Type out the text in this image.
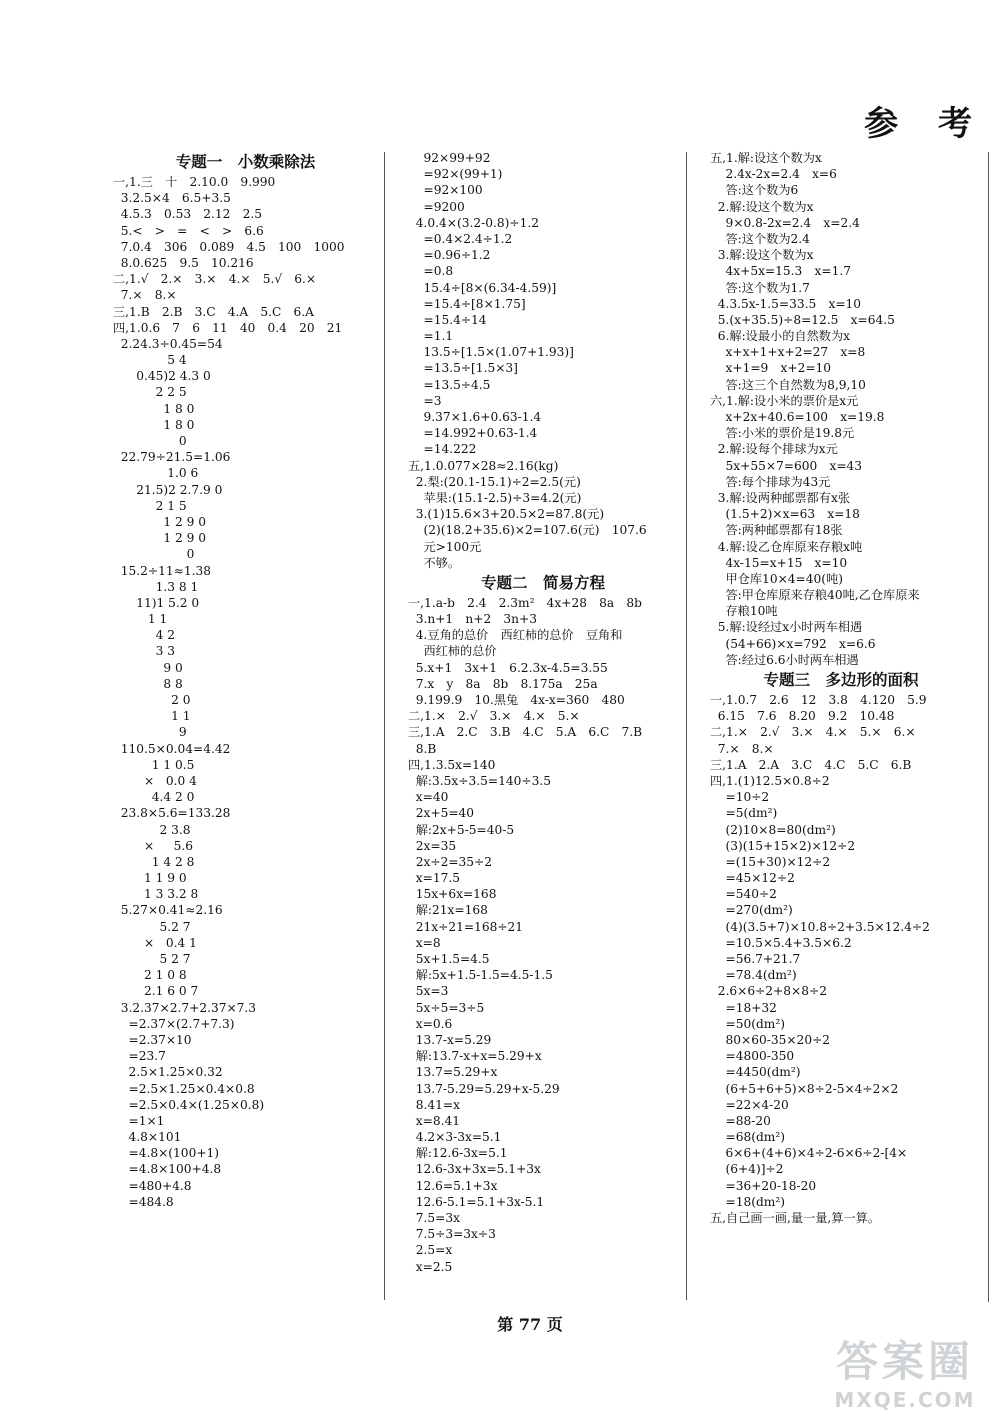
参 考
专题一　小数乘除法
一,1.三　十　2.10.0　9.990
3.2.5×4　6.5+3.5
4.5.3　0.53　2.12　2.5
5.<　>　=　<　>　6.6
7.0.4　306　0.089　4.5　100　1000
8.0.625　9.5　10.216
二,1.√　2.×　3.×　4.×　5.√　6.×
7.×　8.×
三,1.B　2.B　3.C　4.A　5.C　6.A
四,1.0.6　7　6　11　40　0.4　20　21
2.24.3÷0.45=54
5 4
0.45)2 4.3 0
2 2 5
1 8 0
1 8 0
0
22.79÷21.5=1.06
1.0 6
21.5)2 2.7.9 0
2 1 5
1 2 9 0
1 2 9 0
0
15.2÷11≈1.38
1.3 8 1
11)1 5.2 0
1 1
4 2
3 3
9 0
8 8
2 0
1 1
9
110.5×0.04=4.42
1 1 0.5
×   0.0 4
4.4 2 0
23.8×5.6=133.28
2 3.8
×     5.6
1 4 2 8
1 1 9 0
1 3 3.2 8
5.27×0.41≈2.16
5.2 7
×   0.4 1
5 2 7
2 1 0 8
2.1 6 0 7
3.2.37×2.7+2.37×7.3
=2.37×(2.7+7.3)
=2.37×10
=23.7
2.5×1.25×0.32
=2.5×1.25×0.4×0.8
=2.5×0.4×(1.25×0.8)
=1×1
4.8×101
=4.8×(100+1)
=4.8×100+4.8
=480+4.8
=484.8
92×99+92
=92×(99+1)
=92×100
=9200
4.0.4×(3.2-0.8)÷1.2
=0.4×2.4÷1.2
=0.96÷1.2
=0.8
15.4÷[8×(6.34-4.59)]
=15.4÷[8×1.75]
=15.4÷14
=1.1
13.5÷[1.5×(1.07+1.93)]
=13.5÷[1.5×3]
=13.5÷4.5
=3
9.37×1.6+0.63-1.4
=14.992+0.63-1.4
=14.222
五,1.0.077×28≈2.16(kg)
2.梨:(20.1-15.1)÷2=2.5(元)
苹果:(15.1-2.5)÷3=4.2(元)
3.(1)15.6×3+20.5×2=87.8(元)
(2)(18.2+35.6)×2=107.6(元)　107.6
元>100元
不够。
专题二　简易方程
一,1.a-b　2.4　2.3m²　4x+28　8a　8b
3.n+1　n+2　3n+3
4.豆角的总价　西红柿的总价　豆角和
西红柿的总价
5.x+1　3x+1　6.2.3x-4.5=3.55
7.x　y　8a　8b　8.175a　25a
9.199.9　10.黑兔　4x-x=360　480
二,1.×　2.√　3.×　4.×　5.×
三,1.A　2.C　3.B　4.C　5.A　6.C　7.B
8.B
四,1.3.5x=140
解:3.5x÷3.5=140÷3.5
x=40
2x+5=40
解:2x+5-5=40-5
2x=35
2x÷2=35÷2
x=17.5
15x+6x=168
解:21x=168
21x÷21=168÷21
x=8
5x+1.5=4.5
解:5x+1.5-1.5=4.5-1.5
5x=3
5x÷5=3÷5
x=0.6
13.7-x=5.29
解:13.7-x+x=5.29+x
13.7=5.29+x
13.7-5.29=5.29+x-5.29
8.41=x
x=8.41
4.2×3-3x=5.1
解:12.6-3x=5.1
12.6-3x+3x=5.1+3x
12.6=5.1+3x
12.6-5.1=5.1+3x-5.1
7.5=3x
7.5÷3=3x÷3
2.5=x
x=2.5
五,1.解:设这个数为x
2.4x-2x=2.4　x=6
答:这个数为6
2.解:设这个数为x
9×0.8-2x=2.4　x=2.4
答:这个数为2.4
3.解:设这个数为x
4x+5x=15.3　x=1.7
答:这个数为1.7
4.3.5x-1.5=33.5　x=10
5.(x+35.5)÷8=12.5　x=64.5
6.解:设最小的自然数为x
x+x+1+x+2=27　x=8
x+1=9　x+2=10
答:这三个自然数为8,9,10
六,1.解:设小米的票价是x元
x+2x+40.6=100　x=19.8
答:小米的票价是19.8元
2.解:设每个排球为x元
5x+55×7=600　x=43
答:每个排球为43元
3.解:设两种邮票都有x张
(1.5+2)×x=63　x=18
答:两种邮票都有18张
4.解:设乙仓库原来存粮x吨
4x-15=x+15　x=10
甲仓库10×4=40(吨)
答:甲仓库原来存粮40吨,乙仓库原来
存粮10吨
5.解:设经过x小时两车相遇
(54+66)×x=792　x=6.6
答:经过6.6小时两车相遇
专题三　多边形的面积
一,1.0.7　2.6　12　3.8　4.120　5.9
6.15　7.6　8.20　9.2　10.48
二,1.×　2.√　3.×　4.×　5.×　6.×
7.×　8.×
三,1.A　2.A　3.C　4.C　5.C　6.B
四,1.(1)12.5×0.8÷2
=10÷2
=5(dm²)
(2)10×8=80(dm²)
(3)(15+15×2)×12÷2
=(15+30)×12÷2
=45×12÷2
=540÷2
=270(dm²)
(4)(3.5+7)×10.8÷2+3.5×12.4÷2
=10.5×5.4+3.5×6.2
=56.7+21.7
=78.4(dm²)
2.6×6÷2+8×8÷2
=18+32
=50(dm²)
80×60-35×20÷2
=4800-350
=4450(dm²)
(6+5+6+5)×8÷2-5×4÷2×2
=22×4-20
=88-20
=68(dm²)
6×6+(4+6)×4÷2-6×6÷2-[4×
(6+4)]÷2
=36+20-18-20
=18(dm²)
五,自己画一画,量一量,算一算。
第 77 页
答案圈
MXQE.COM
